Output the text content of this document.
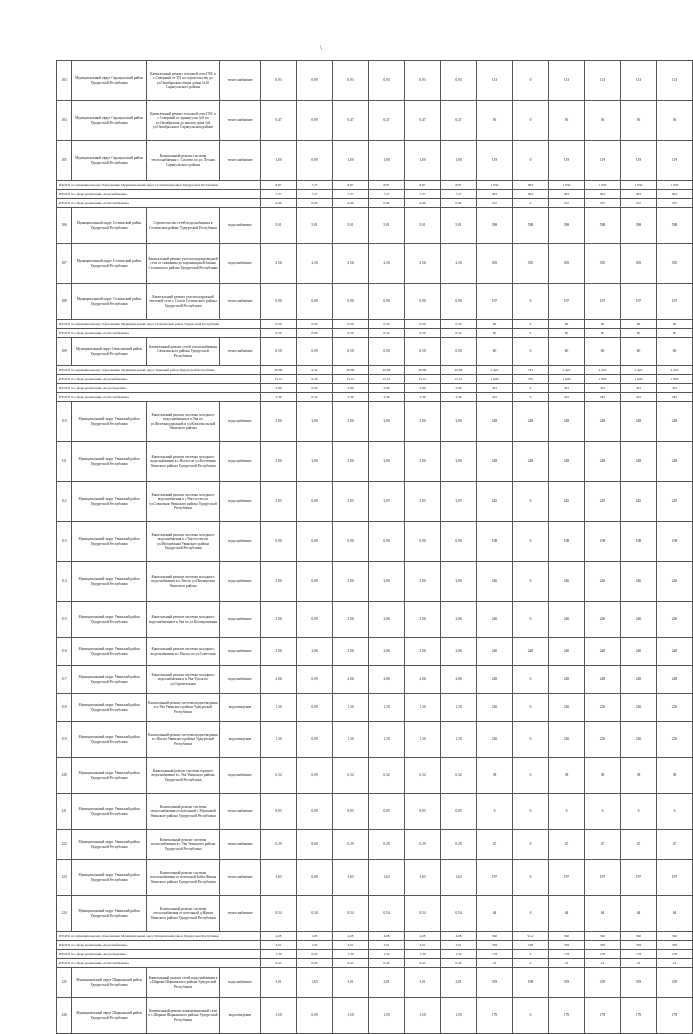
\
103	Муниципальный округ Сарапульский район Удмуртской Республики	Капитальный ремонт тепловой сети ГВС в с.Северный от ТП по строительству до ул.Октябрьская общая длина №10 Сарапульского района	теплоснабжение	0,93	0,00	0,93	0,93	0,93	0,93	113	0	113	113	113	113
104	Муниципальный округ Сарапульский район Удмуртской Республики	Капитальный ремонт тепловой сети ГВС в с.Северный от здания узла №9 по ул.Октябрьская до жилого дома №6 ул.Октябрьская в Сарапульском районе	теплоснабжение	0,47	0,00	0,47	0,47	0,47	0,47	56	0	56	56	56	56
105	Муниципальный округ Сарапульский район Удмуртской Республики	Капитальный ремонт системы теплоснабжения с. Сигаево по ул. Лесная Сарапульского района	теплоснабжение	1,00	0,00	1,00	1,00	1,00	1,00	119	0	119	119	119	119
ИТОГО по муниципальному образованию Муниципальный округ Селтинский район Удмуртской Республики				8,87	7,27	8,87	8,87	8,87	8,87	1 050	903	1 050	1 050	1 050	1 050
ИТОГО по сфере реализации «водоснабжение»				7,27	7,27	7,27	7,27	7,27	7,27	903	903	903	903	903	903
ИТОГО по сфере реализации «теплоснабжение»				0,90	0,00	0,90	0,90	0,90	0,90	107	0	107	107	107	107
106	Муниципальный округ Селтинский район Удмуртской Республики	Строительство сетей водоснабжения в Селтинском районе Удмуртской Республики	водоснабжение	5,01	5,01	5,01	5,01	5,01	5,01	598	598	598	598	598	598
107	Муниципальный округ Селтинский район Удмуртской Республики	Капитальный ремонт участка водопроводной сети от скважины до водонапорной башни Селтинского района Удмуртской Республики	водоснабжение	2,56	2,56	2,56	2,56	2,56	2,56	305	305	305	305	305	305
108	Муниципальный округ Селтинский район Удмуртской Республики	Капитальный ремонт участка наружной тепловой сети с. Селты Селтинского района Удмуртской Республики	теплоснабжение	0,90	0,00	0,90	0,90	0,90	0,90	107	0	107	107	107	107
ИТОГО по муниципальному образованию Муниципальный округ Сюмсинский район Удмуртской Республики				0,50	0,00	0,50	0,50	0,50	0,50	60	0	60	60	60	60
ИТОГО по сфере реализации «теплоснабжение»				0,50	0,00	0,50	0,50	0,50	0,50	60	0	60	60	60	60
109	Муниципальный округ Сюмсинский район Удмуртской Республики	Капитальный ремонт сетей теплоснабжения Сюмсинского района Удмуртской Республики	теплоснабжение	0,50	0,00	0,50	0,50	0,50	0,50	60	0	60	60	60	60
ИТОГО по муниципальному образованию Муниципальный округ Увинский район Удмуртской Республики				20,86	6,52	20,86	20,86	20,86	20,86	2 423	741	2 423	2 423	2 423	2 423
ИТОГО по сфере реализации «водоснабжение»				15,51	6,18	15,51	15,51	15,51	15,51	1 829	735	1 829	1 829	1 829	1 829
ИТОГО по сфере реализации «водоотведение»				2,99	0,00	2,99	2,99	2,99	2,99	352	0	352	352	352	352
ИТОГО по сфере реализации «теплоснабжение»				2,36	0,34	2,36	2,36	2,36	2,36	242	6	242	242	242	242
110	Муниципальный округ Увинский район Удмуртской Республики	Капитальный ремонт системы холодного водоснабжения в п.Ува по ул.Железнодорожной и ул.Комсомольской Увинского района	водоснабжение	2,06	2,06	2,06	2,06	2,06	2,06	248	248	248	248	248	248
111	Муниципальный округ Увинский район Удмуртской Республики	Капитальный ремонт системы холодного водоснабжения в с.Нылга по ул.Восточная Увинского района Удмуртской Республики	водоснабжение	2,06	2,06	2,06	2,06	2,06	2,06	248	248	248	248	248	248
112	Муниципальный округ Увинский район Удмуртской Республики	Капитальный ремонт системы холодного водоснабжения в с.Чистостем по ул.Совхозная Увинского района Удмуртской Республики	водоснабжение	2,05	0,00	2,05	2,05	2,05	2,05	245	0	245	245	245	245
113	Муниципальный округ Увинский район Удмуртской Республики	Капитальный ремонт системы холодного водоснабжения в с.Чистостем по ул.Молодёжная Увинского района Удмуртской Республики	водоснабжение	0,90	0,00	0,90	0,90	0,90	0,90	108	0	108	108	108	108
114	Муниципальный округ Увинский район Удмуртской Республики	Капитальный ремонт системы холодного водоснабжения в п.Ува по ул.Пионерская Увинского района	водоснабжение	2,06	0,00	2,06	2,06	2,06	2,06	246	0	246	246	246	246
115	Муниципальный округ Увинский район Удмуртской Республики	Капитальный ремонт системы холодного водоснабжения в п.Ува по ул.Кооперативная	водоснабжение	2,06	0,00	2,06	2,06	2,06	2,06	246	0	246	246	246	246
116	Муниципальный округ Увинский район Удмуртской Республики	Капитальный ремонт системы холодного водоснабжения в с.Нылга по ул.Советская	водоснабжение	2,06	2,06	2,06	2,06	2,06	2,06	240	240	240	240	240	240
117	Муниципальный округ Увинский район Удмуртской Республики	Капитальный ремонт системы холодного водоснабжения в п.Ува-Тукля по ул.Строительная	водоснабжение	2,06	0,00	2,06	2,06	2,06	2,06	248	0	248	248	248	248
118	Муниципальный округ Увинский район Удмуртской Республики	Капитальный ремонт системы водоотведения в п.Ува Увинского района Удмуртской Республики	водоотведение	1,30	0,00	1,30	1,30	1,30	1,30	226	0	226	226	226	226
119	Муниципальный округ Увинский район Удмуртской Республики	Капитальный ремонт системы водоотведения в с.Нылга Увинского района Удмуртской Республики	водоотведение	1,30	0,00	1,30	1,30	1,30	1,30	226	0	226	226	226	226
120	Муниципальный округ Увинский район Удмуртской Республики	Капитальный ремонт системы горячего водоснабжения в с.Ува Увинского района Удмуртской Республики	водоснабжение	0,32	0,00	0,32	0,32	0,32	0,32	38	0	38	38	38	38
121	Муниципальный округ Увинский район Удмуртской Республики	Капитальный ремонт системы теплоснабжения от котельной с.Мушковай Увинского района Удмуртской Республики	теплоснабжение	0,05	0,00	0,05	0,05	0,05	0,05	6	0	6	6	6	6
122	Муниципальный округ Увинский район Удмуртской Республики	Капитальный ремонт системы теплоснабжения в с.Ува Увинского района Удмуртской Республики	теплоснабжение	0,39	0,00	0,39	0,39	0,39	0,39	47	0	47	47	47	47
123	Муниципальный округ Увинский район Удмуртской Республики	Капитальный ремонт системы теплоснабжения от котельной Кобы-Жикья Увинского района Удмуртской Республики	теплоснабжение	1,63	0,00	1,63	1,63	1,63	1,63	197	0	197	197	197	197
124	Муниципальный округ Увинский район Удмуртской Республики	Капитальный ремонт системы теплоснабжения от котельной д.Жувам Увинского района Удмуртской Республики	теплоснабжение	0,54	0,34	0,54	0,54	0,54	0,54	64	6	64	64	64	64
ИТОГО по муниципальному образованию Муниципальный округ Шарканский район Удмуртской Республики				4,68	1,65	4,68	4,68	4,68	4,68	560	91,2	560	560	560	560
ИТОГО по сфере реализации «водоснабжение»				3,01	1,65	3,01	3,01	3,01	3,01	359	198	359	359	359	359
ИТОГО по сфере реализации «водоотведение»				1,50	0,00	1,50	1,50	1,50	1,50	178	0	178	178	178	178
ИТОГО по сфере реализации «теплоснабжение»				0,45	0,00	0,45	0,45	0,45	0,45	22	0	22	22	22	22
125	Муниципальный округ Шарканский район Удмуртской Республики	Капитальный ремонт сетей водоснабжения в с.Шаркан Шарканского района Удмуртской Республики	водоснабжение	3,01	1,65	3,01	3,01	3,01	3,01	359	198	359	359	359	359
126	Муниципальный округ Шарканский район Удмуртской Республики	Капитальный ремонт канализационной сети в с.Шаркан Шарканского района Удмуртской Республики	водоотведение	1,50	0,00	1,50	1,50	1,50	1,50	178	0	178	178	178	178
